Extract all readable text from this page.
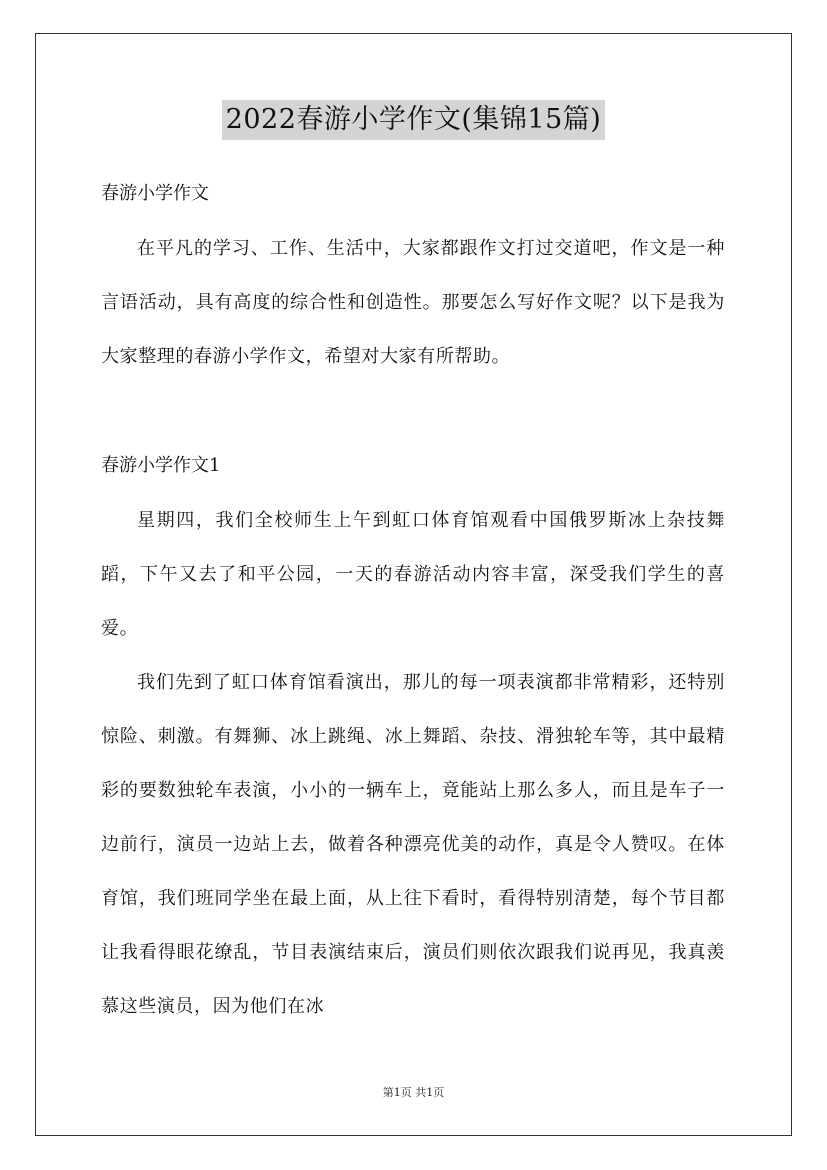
2022春游小学作文(集锦15篇)

春游小学作文

在平凡的学习、工作、生活中，大家都跟作文打过交道吧，作文是一种言语活动，具有高度的综合性和创造性。那要怎么写好作文呢？以下是我为大家整理的春游小学作文，希望对大家有所帮助。

春游小学作文1

星期四，我们全校师生上午到虹口体育馆观看中国俄罗斯冰上杂技舞蹈，下午又去了和平公园，一天的春游活动内容丰富，深受我们学生的喜爱。

我们先到了虹口体育馆看演出，那儿的每一项表演都非常精彩，还特别惊险、刺激。有舞狮、冰上跳绳、冰上舞蹈、杂技、滑独轮车等，其中最精彩的要数独轮车表演，小小的一辆车上，竟能站上那么多人，而且是车子一边前行，演员一边站上去，做着各种漂亮优美的动作，真是令人赞叹。在体育馆，我们班同学坐在最上面，从上往下看时，看得特别清楚，每个节目都让我看得眼花缭乱，节目表演结束后，演员们则依次跟我们说再见，我真羡慕这些演员，因为他们在冰

第1页 共1页
